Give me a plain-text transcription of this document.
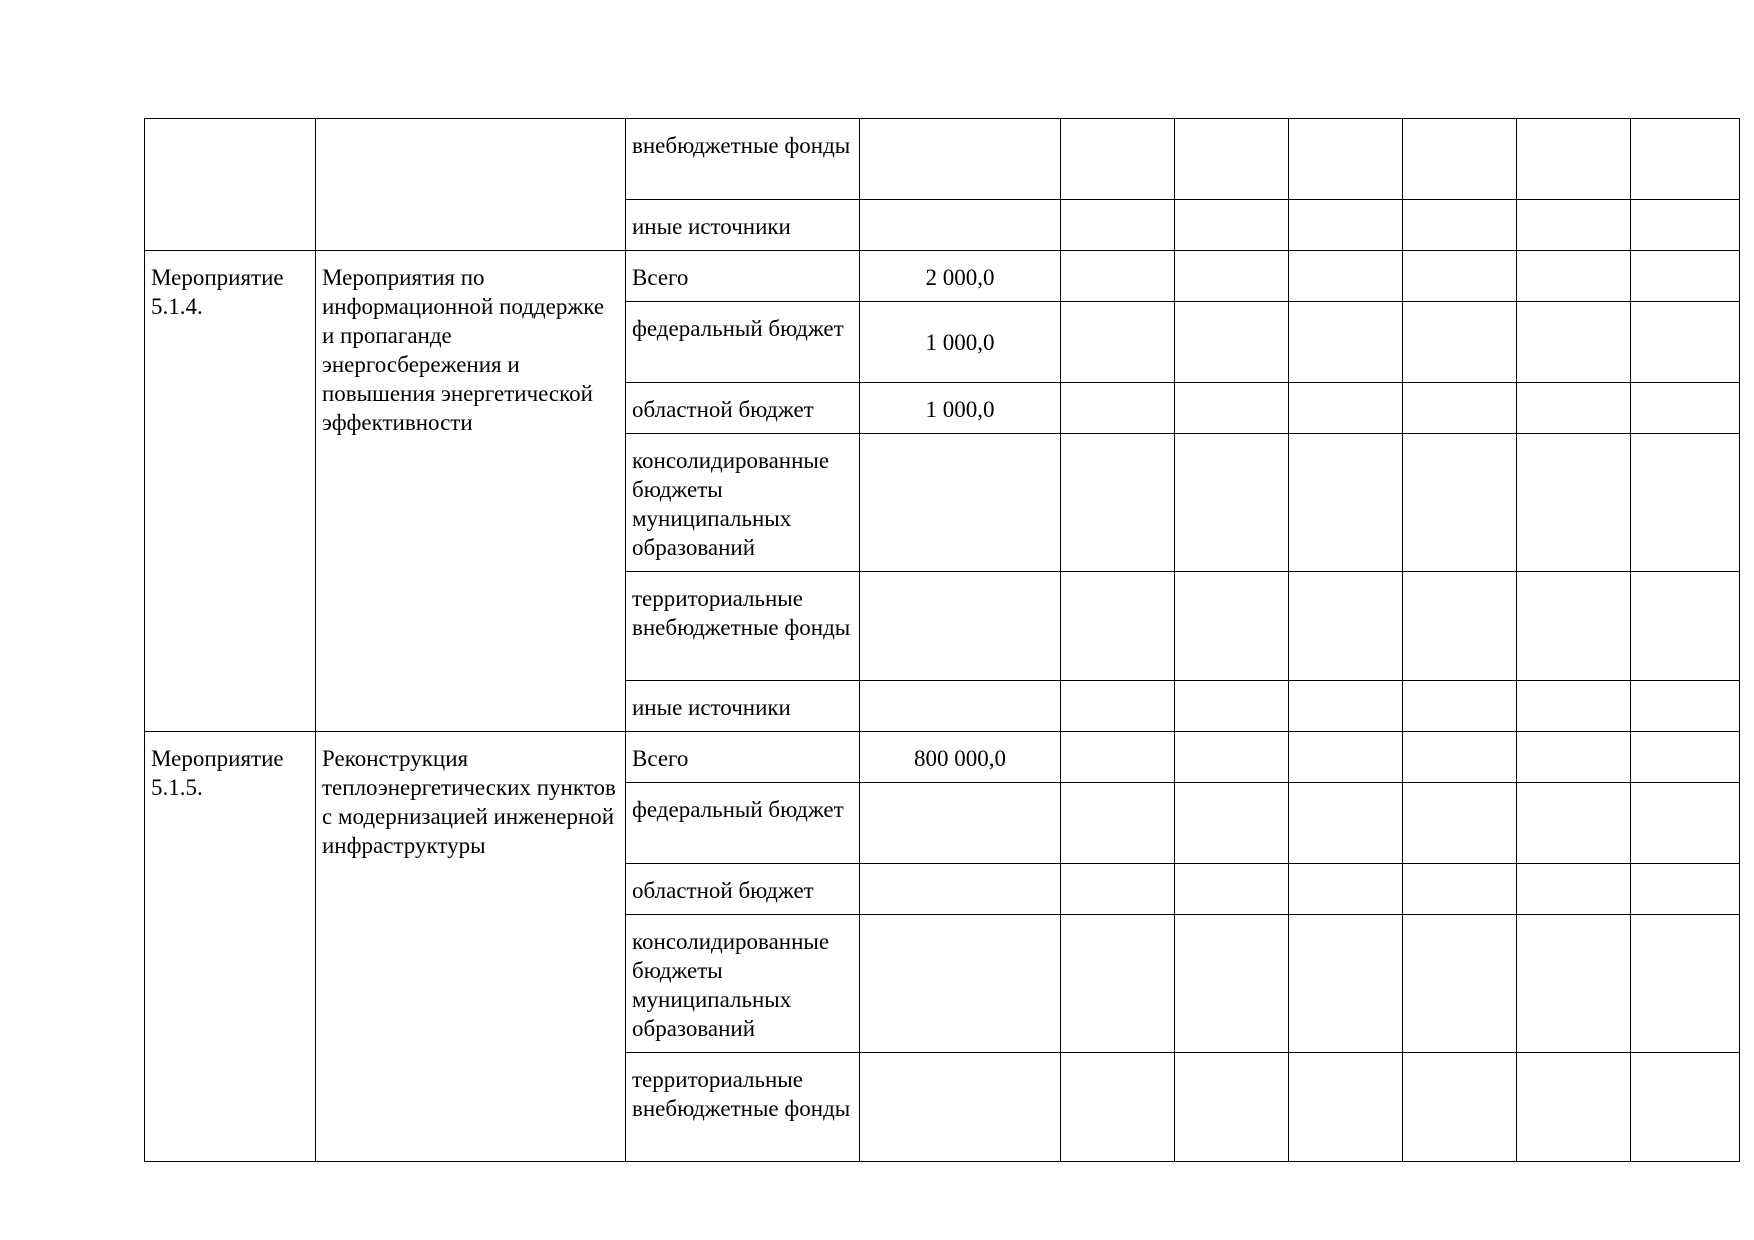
		внебюджетные фонды							
		иные источники							
Мероприятие 5.1.4.	Мероприятия по информационной поддержке и пропаганде энергосбережения и повышения энергетической эффективности	Всего	2 000,0						
		федеральный бюджет	1 000,0						
		областной бюджет	1 000,0						
		консолидированные бюджеты муниципальных образований							
		территориальные внебюджетные фонды							
		иные источники							
Мероприятие 5.1.5.	Реконструкция теплоэнергетических пунктов с модернизацией инженерной инфраструктуры	Всего	800 000,0						
		федеральный бюджет							
		областной бюджет							
		консолидированные бюджеты муниципальных образований							
		территориальные внебюджетные фонды							
